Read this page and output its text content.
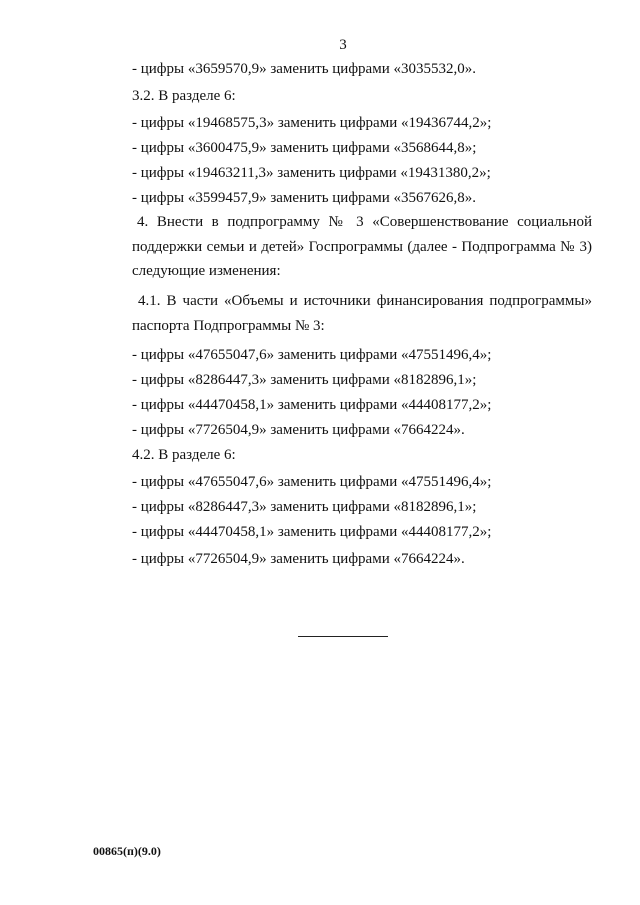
3
- цифры «3659570,9» заменить цифрами «3035532,0».
3.2. В разделе 6:
- цифры «19468575,3» заменить цифрами «19436744,2»;
- цифры «3600475,9» заменить цифрами «3568644,8»;
- цифры «19463211,3» заменить цифрами «19431380,2»;
- цифры «3599457,9» заменить цифрами «3567626,8».
4. Внести в подпрограмму № 3 «Совершенствование социальной поддержки семьи и детей» Госпрограммы (далее - Подпрограмма № 3) следующие изменения:
4.1. В части «Объемы и источники финансирования подпрограммы» паспорта Подпрограммы № 3:
- цифры «47655047,6» заменить цифрами «47551496,4»;
- цифры «8286447,3» заменить цифрами «8182896,1»;
- цифры «44470458,1» заменить цифрами «44408177,2»;
- цифры «7726504,9» заменить цифрами «7664224».
4.2. В разделе 6:
- цифры «47655047,6» заменить цифрами «47551496,4»;
- цифры «8286447,3» заменить цифрами «8182896,1»;
- цифры «44470458,1» заменить цифрами «44408177,2»;
- цифры «7726504,9» заменить цифрами «7664224».
00865(п)(9.0)
